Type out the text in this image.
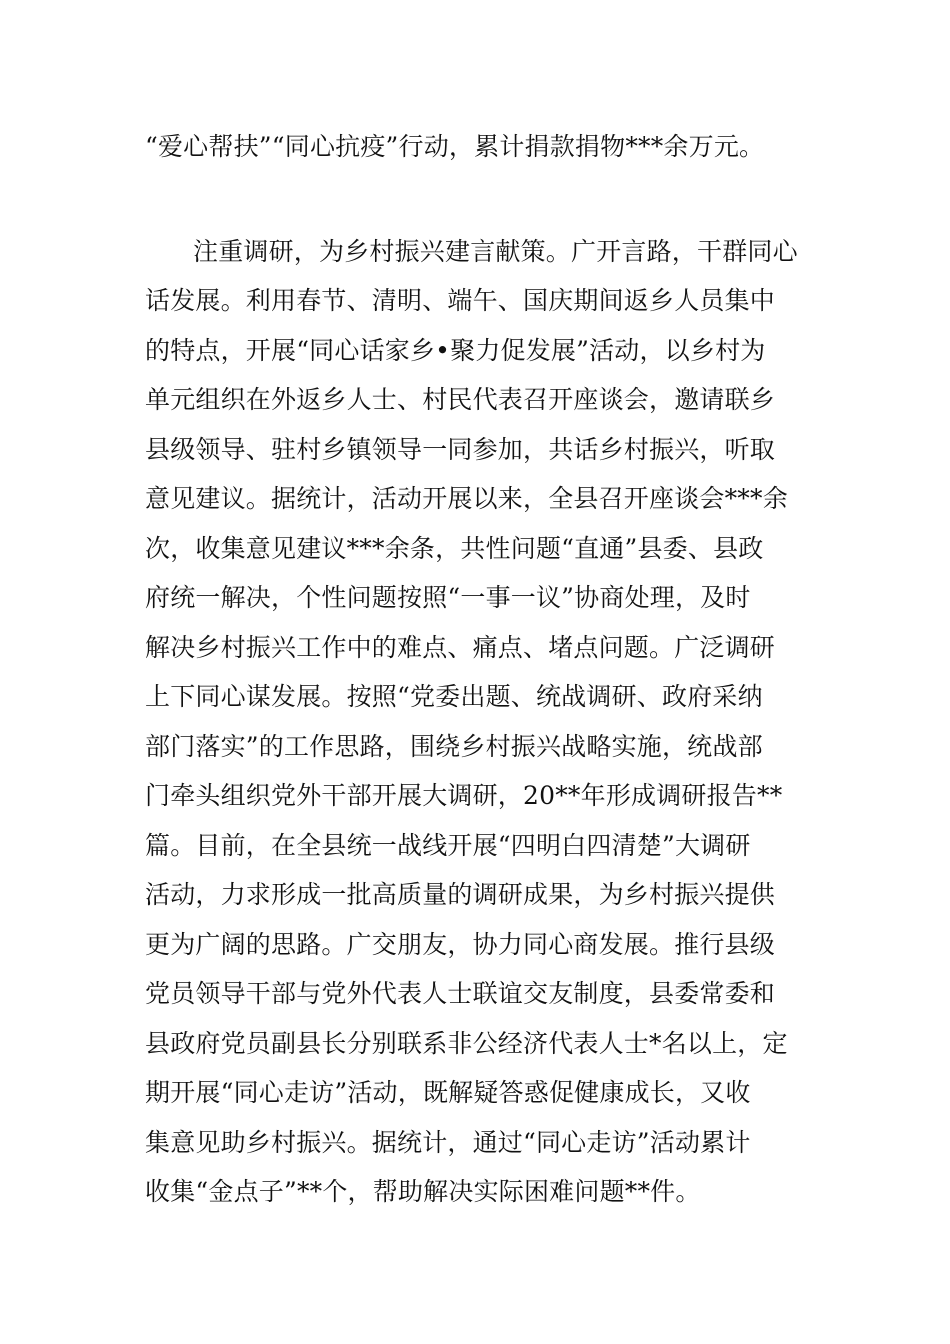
“爱心帮扶”“同心抗疫”行动，累计捐款捐物***余万元。
注重调研，为乡村振兴建言献策。广开言路，干群同心
话发展。利用春节、清明、端午、国庆期间返乡人员集中
的特点，开展“同心话家乡•聚力促发展”活动，以乡村为
单元组织在外返乡人士、村民代表召开座谈会，邀请联乡
县级领导、驻村乡镇领导一同参加，共话乡村振兴，听取
意见建议。据统计，活动开展以来，全县召开座谈会***余
次，收集意见建议***余条，共性问题“直通”县委、县政
府统一解决，个性问题按照“一事一议”协商处理，及时
解决乡村振兴工作中的难点、痛点、堵点问题。广泛调研
上下同心谋发展。按照“党委出题、统战调研、政府采纳
部门落实”的工作思路，围绕乡村振兴战略实施，统战部
门牵头组织党外干部开展大调研，20**年形成调研报告**
篇。目前，在全县统一战线开展“四明白四清楚”大调研
活动，力求形成一批高质量的调研成果，为乡村振兴提供
更为广阔的思路。广交朋友，协力同心商发展。推行县级
党员领导干部与党外代表人士联谊交友制度，县委常委和
县政府党员副县长分别联系非公经济代表人士*名以上，定
期开展“同心走访”活动，既解疑答惑促健康成长，又收
集意见助乡村振兴。据统计，通过“同心走访”活动累计
收集“金点子”**个，帮助解决实际困难问题**件。
